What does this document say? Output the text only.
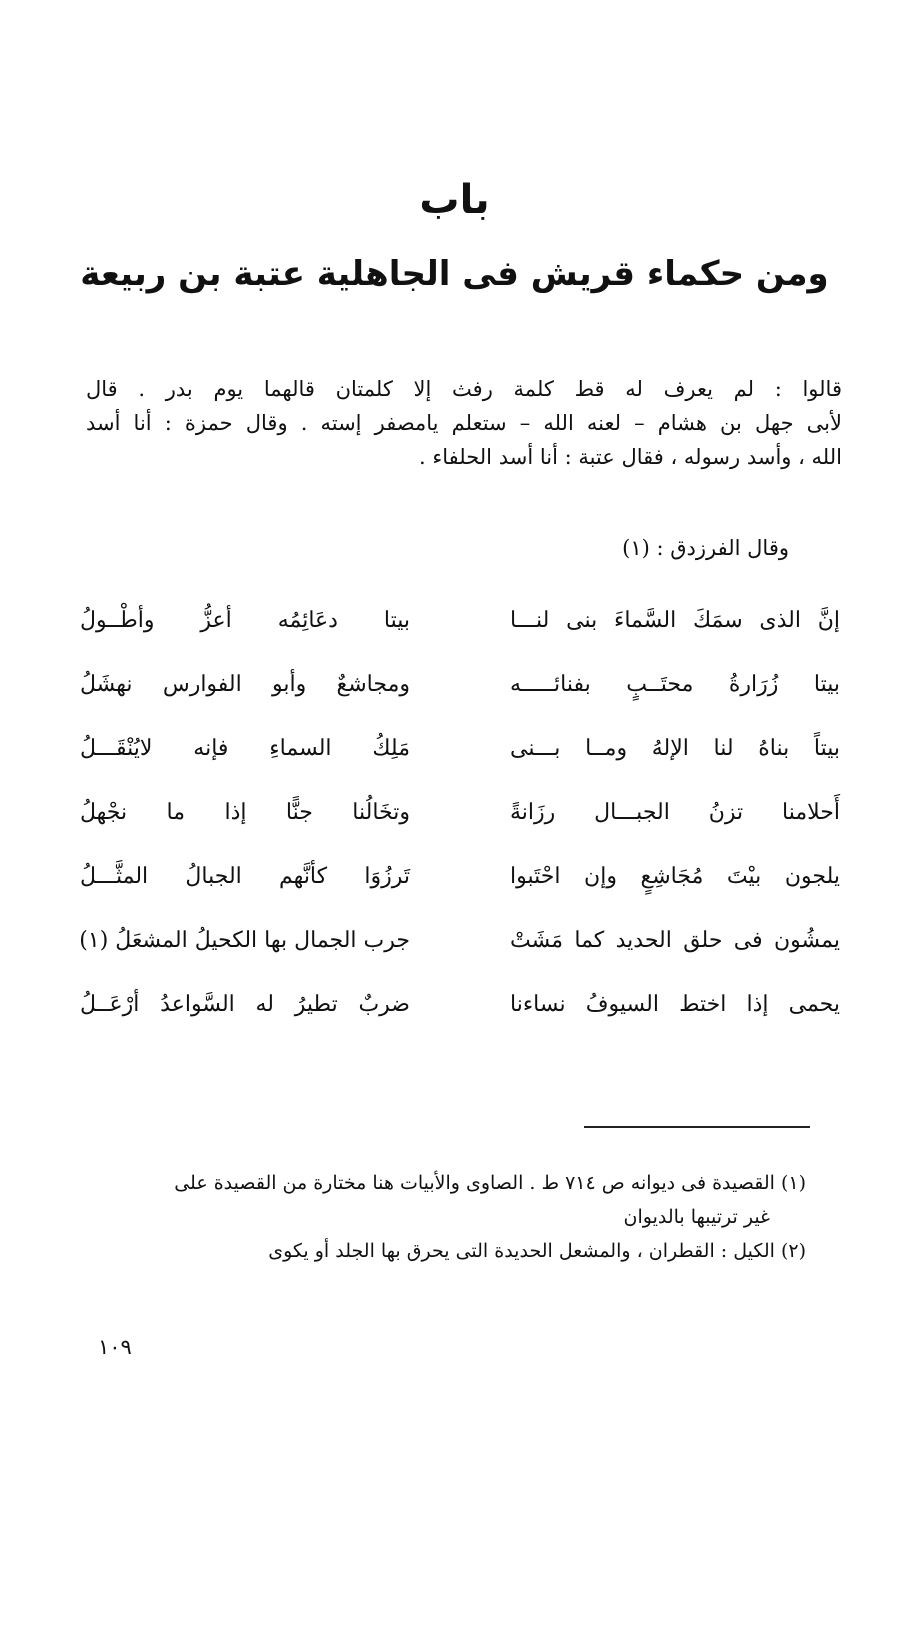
باب
ومن حكماء قريش فى الجاهلية عتبة بن ربيعة
قالوا : لم يعرف له قط كلمة رفث إلا كلمتان قالهما يوم بدر . قال
لأبى جهل بن هشام – لعنه الله – ستعلم يامصفر إسته . وقال حمزة : أنا أسد
الله ، وأسد رسوله ، فقال عتبة : أنا أسد الحلفاء .
وقال الفرزدق : (١)
إنَّ الذى سمَكَ السَّماءَ بنى لنـــا
بيتا دعَائِمُه أعزُّ وأطْــولُ
بيتا زُرَارةُ محتَــبٍ بفنائـــــه
ومجاشعٌ وأبو الفوارس نهشَلُ
بيتاً بناهُ لنا الإلهُ ومــا بـــنى
مَلِكُ السماءِ فإنه لايُنْقَـــلُ
أَحلامنا تزنُ الجبـــال رزَانةً
وتخَالُنا جنًّا إذا ما نجْهلُ
يلجون بيْتَ مُجَاشِعٍ وإن احْتَبوا
تَرزُوَا كأنَّهم الجبالُ المثَّـــلُ
يمشُون فى حلق الحديد كما مَشَتْ
جرب الجمال بها الكحيلُ المشعَلُ (١)
يحمى إذا اختط السيوفُ نساءنا
ضربٌ تطيرُ له السَّواعدُ أرْعَــلُ
(١) القصيدة فى ديوانه ص ٧١٤ ط . الصاوى والأبيات هنا مختارة من القصيدة على
غير ترتيبها بالديوان
(٢) الكيل : القطران ، والمشعل الحديدة التى يحرق بها الجلد أو يكوى
١٠٩
